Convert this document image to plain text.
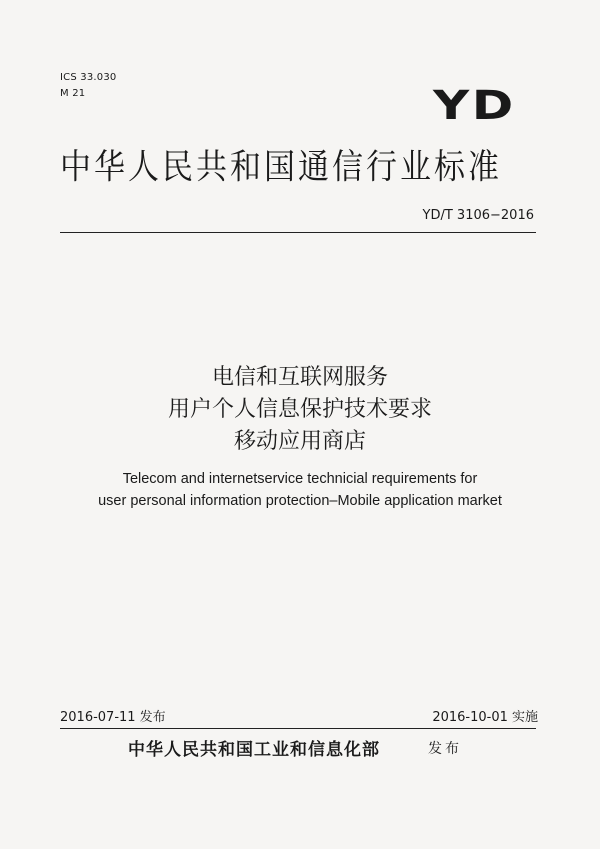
ICS 33.030
M 21	YD
中华人民共和国通信行业标准
YD/T 3106−2016
电信和互联网服务
用户个人信息保护技术要求
移动应用商店
Telecom and internetservice technicial requirements for
user personal information protection–Mobile application market
2016-07-11 发布	2016-10-01 实施
中华人民共和国工业和信息化部	发布
